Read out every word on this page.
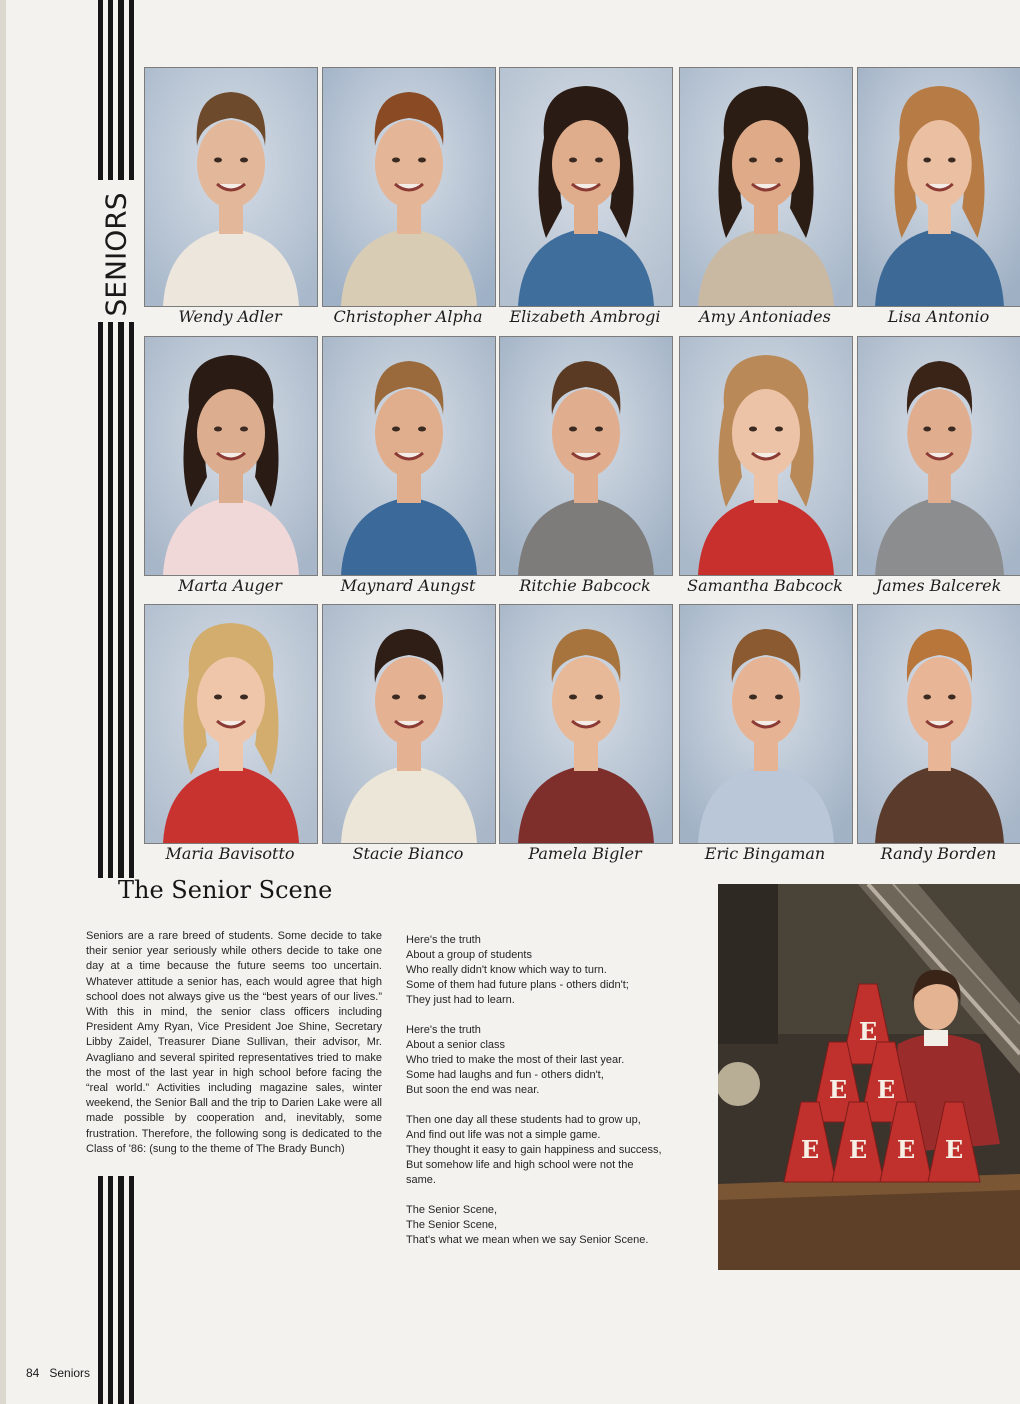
SENIORS
Wendy Adler	Christopher Alpha	Elizabeth Ambrogi	Amy Antoniades	Lisa Antonio
Marta Auger	Maynard Aungst	Ritchie Babcock	Samantha Babcock	James Balcerek
Maria Bavisotto	Stacie Bianco	Pamela Bigler	Eric Bingaman	Randy Borden
The Senior Scene
Seniors are a rare breed of students. Some decide to take their senior year seriously while others decide to take one day at a time because the future seems too uncertain. Whatever attitude a senior has, each would agree that high school does not always give us the “best years of our lives.” With this in mind, the senior class officers including President Amy Ryan, Vice President Joe Shine, Secretary Libby Zaidel, Treasurer Diane Sullivan, their advisor, Mr. Avagliano and several spirited representatives tried to make the most of the last year in high school before facing the “real world.” Activities including magazine sales, winter weekend, the Senior Ball and the trip to Darien Lake were all made possible by cooperation and, inevitably, some frustration. Therefore, the following song is dedicated to the Class of '86: (sung to the theme of The Brady Bunch)
Here's the truth
About a group of students
Who really didn't know which way to turn.
Some of them had future plans - others didn't;
They just had to learn.
Here's the truth
About a senior class
Who tried to make the most of their last year.
Some had laughs and fun - others didn't,
But soon the end was near.
Then one day all these students had to grow up,
And find out life was not a simple game.
They thought it easy to gain happiness and success,
But somehow life and high school were not the
same.
The Senior Scene,
The Senior Scene,
That's what we mean when we say Senior Scene.
E
E E
E E E E
84 Seniors
